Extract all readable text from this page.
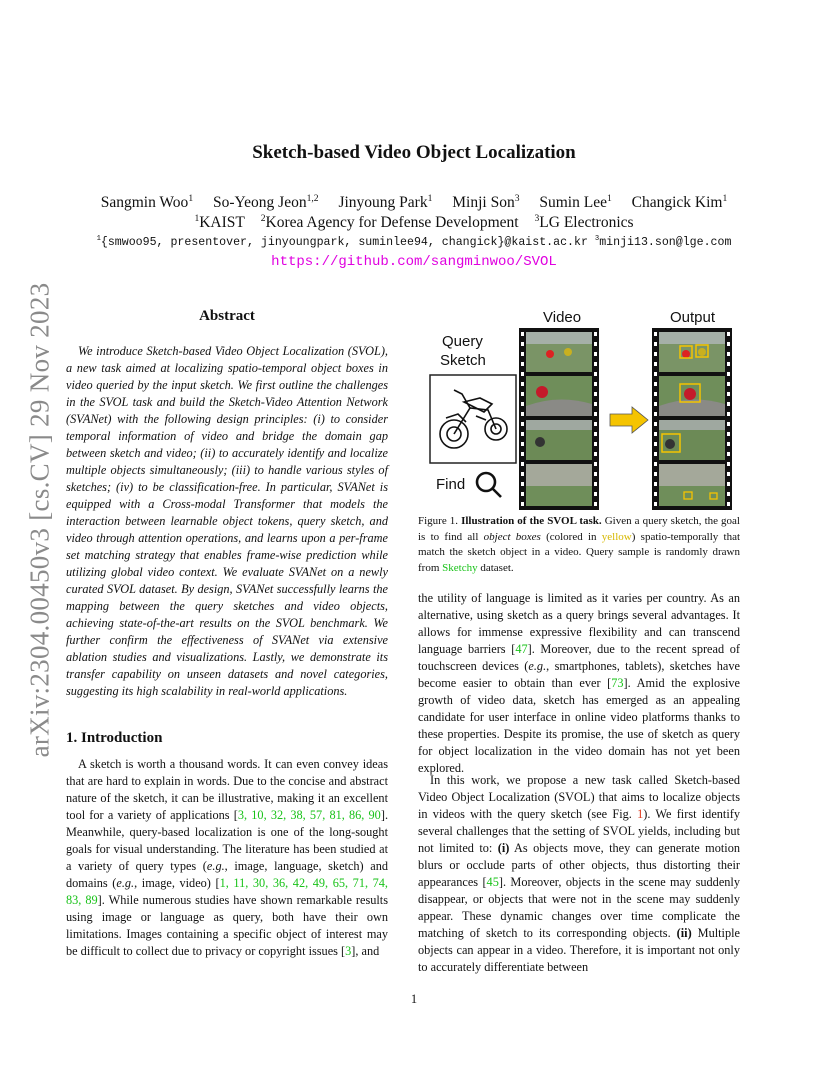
arXiv:2304.00450v3 [cs.CV] 29 Nov 2023
Sketch-based Video Object Localization
Sangmin Woo$^1$ So-Yeong Jeon$^{1,2}$ Jinyoung Park$^1$ Minji Son$^3$ Sumin Lee$^1$ Changick Kim$^1$
$^1$KAIST $^2$Korea Agency for Defense Development $^3$LG Electronics
$^1${smwoo95, presentover, jinyoungpark, suminlee94, changick}@kaist.ac.kr $^3$minji13.son@lge.com
https://github.com/sangminwoo/SVOL
Abstract
We introduce Sketch-based Video Object Localization (SVOL), a new task aimed at localizing spatio-temporal object boxes in video queried by the input sketch. We first outline the challenges in the SVOL task and build the Sketch-Video Attention Network (SVANet) with the following design principles: (i) to consider temporal information of video and bridge the domain gap between sketch and video; (ii) to accurately identify and localize multiple objects simultaneously; (iii) to handle various styles of sketches; (iv) to be classification-free. In particular, SVANet is equipped with a Cross-modal Transformer that models the interaction between learnable object tokens, query sketch, and video through attention operations, and learns upon a per-frame set matching strategy that enables frame-wise prediction while utilizing global video context. We evaluate SVANet on a newly curated SVOL dataset. By design, SVANet successfully learns the mapping between the query sketches and video objects, achieving state-of-the-art results on the SVOL benchmark. We further confirm the effectiveness of SVANet via extensive ablation studies and visualizations. Lastly, we demonstrate its transfer capability on unseen datasets and novel categories, suggesting its high scalability in real-world applications.
1. Introduction
A sketch is worth a thousand words. It can even convey ideas that are hard to explain in words. Due to the concise and abstract nature of the sketch, it can be illustrative, making it an excellent tool for a variety of applications [3, 10, 32, 38, 57, 81, 86, 90]. Meanwhile, query-based localization is one of the long-sought goals for visual understanding. The literature has been studied at a variety of query types (e.g., image, language, sketch) and domains (e.g., image, video) [1, 11, 30, 36, 42, 49, 65, 71, 74, 83, 89]. While numerous studies have shown remarkable results using image or language as query, both have their own limitations. Images containing a specific object of interest may be difficult to collect due to privacy or copyright issues [3], and
Video	Output
Query
Sketch
Find
Figure 1. Illustration of the SVOL task. Given a query sketch, the goal is to find all object boxes (colored in yellow) spatio-temporally that match the sketch object in a video. Query sample is randomly drawn from Sketchy dataset.
the utility of language is limited as it varies per country. As an alternative, using sketch as a query brings several advantages. It allows for immense expressive flexibility and can transcend language barriers [47]. Moreover, due to the recent spread of touchscreen devices (e.g., smartphones, tablets), sketches have become easier to obtain than ever [73]. Amid the explosive growth of video data, sketch has emerged as an appealing candidate for user interface in online video platforms thanks to these properties. Despite its promise, the use of sketch as query for object localization in the video domain has not yet been explored.
In this work, we propose a new task called Sketch-based Video Object Localization (SVOL) that aims to localize objects in videos with the query sketch (see Fig. 1). We first identify several challenges that the setting of SVOL yields, including but not limited to: (i) As objects move, they can generate motion blurs or occlude parts of other objects, thus distorting their appearances [45]. Moreover, objects in the scene may suddenly disappear, or objects that were not in the scene may suddenly appear. These dynamic changes over time complicate the matching of sketch to its corresponding objects. (ii) Multiple objects can appear in a video. Therefore, it is important not only to accurately differentiate between
1
